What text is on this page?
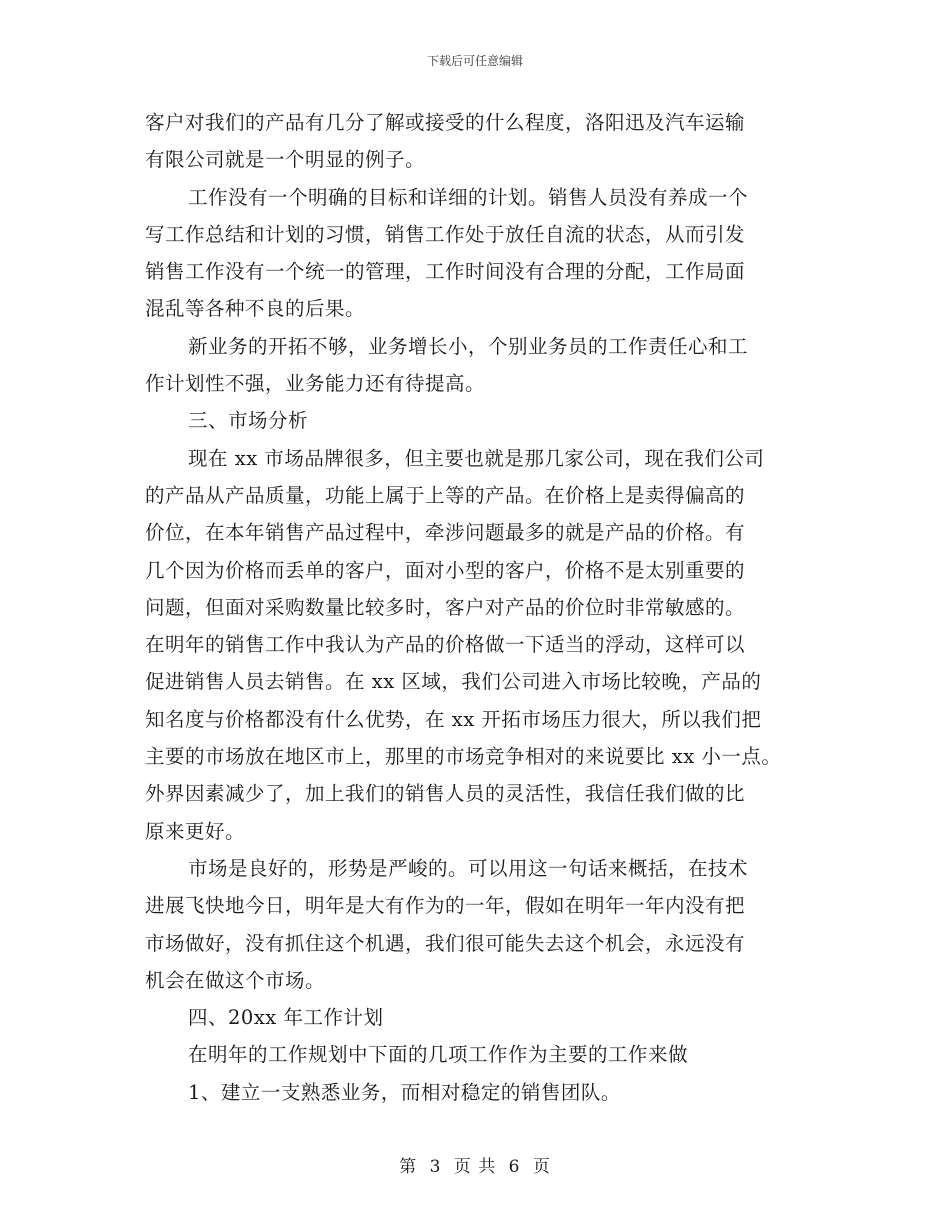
下载后可任意编辑
客户对我们的产品有几分了解或接受的什么程度，洛阳迅及汽车运输
有限公司就是一个明显的例子。
工作没有一个明确的目标和详细的计划。销售人员没有养成一个
写工作总结和计划的习惯，销售工作处于放任自流的状态，从而引发
销售工作没有一个统一的管理，工作时间没有合理的分配，工作局面
混乱等各种不良的后果。
新业务的开拓不够，业务增长小，个别业务员的工作责任心和工
作计划性不强，业务能力还有待提高。
三、市场分析
现在 xx 市场品牌很多，但主要也就是那几家公司，现在我们公司
的产品从产品质量，功能上属于上等的产品。在价格上是卖得偏高的
价位，在本年销售产品过程中，牵涉问题最多的就是产品的价格。有
几个因为价格而丢单的客户，面对小型的客户，价格不是太别重要的
问题，但面对采购数量比较多时，客户对产品的价位时非常敏感的。
在明年的销售工作中我认为产品的价格做一下适当的浮动，这样可以
促进销售人员去销售。在 xx 区域，我们公司进入市场比较晚，产品的
知名度与价格都没有什么优势，在 xx 开拓市场压力很大，所以我们把
主要的市场放在地区市上，那里的市场竞争相对的来说要比 xx 小一点。
外界因素减少了，加上我们的销售人员的灵活性，我信任我们做的比
原来更好。
市场是良好的，形势是严峻的。可以用这一句话来概括，在技术
进展飞快地今日，明年是大有作为的一年，假如在明年一年内没有把
市场做好，没有抓住这个机遇，我们很可能失去这个机会，永远没有
机会在做这个市场。
四、20xx 年工作计划
在明年的工作规划中下面的几项工作作为主要的工作来做
1、建立一支熟悉业务，而相对稳定的销售团队。
第 3 页 共 6 页
